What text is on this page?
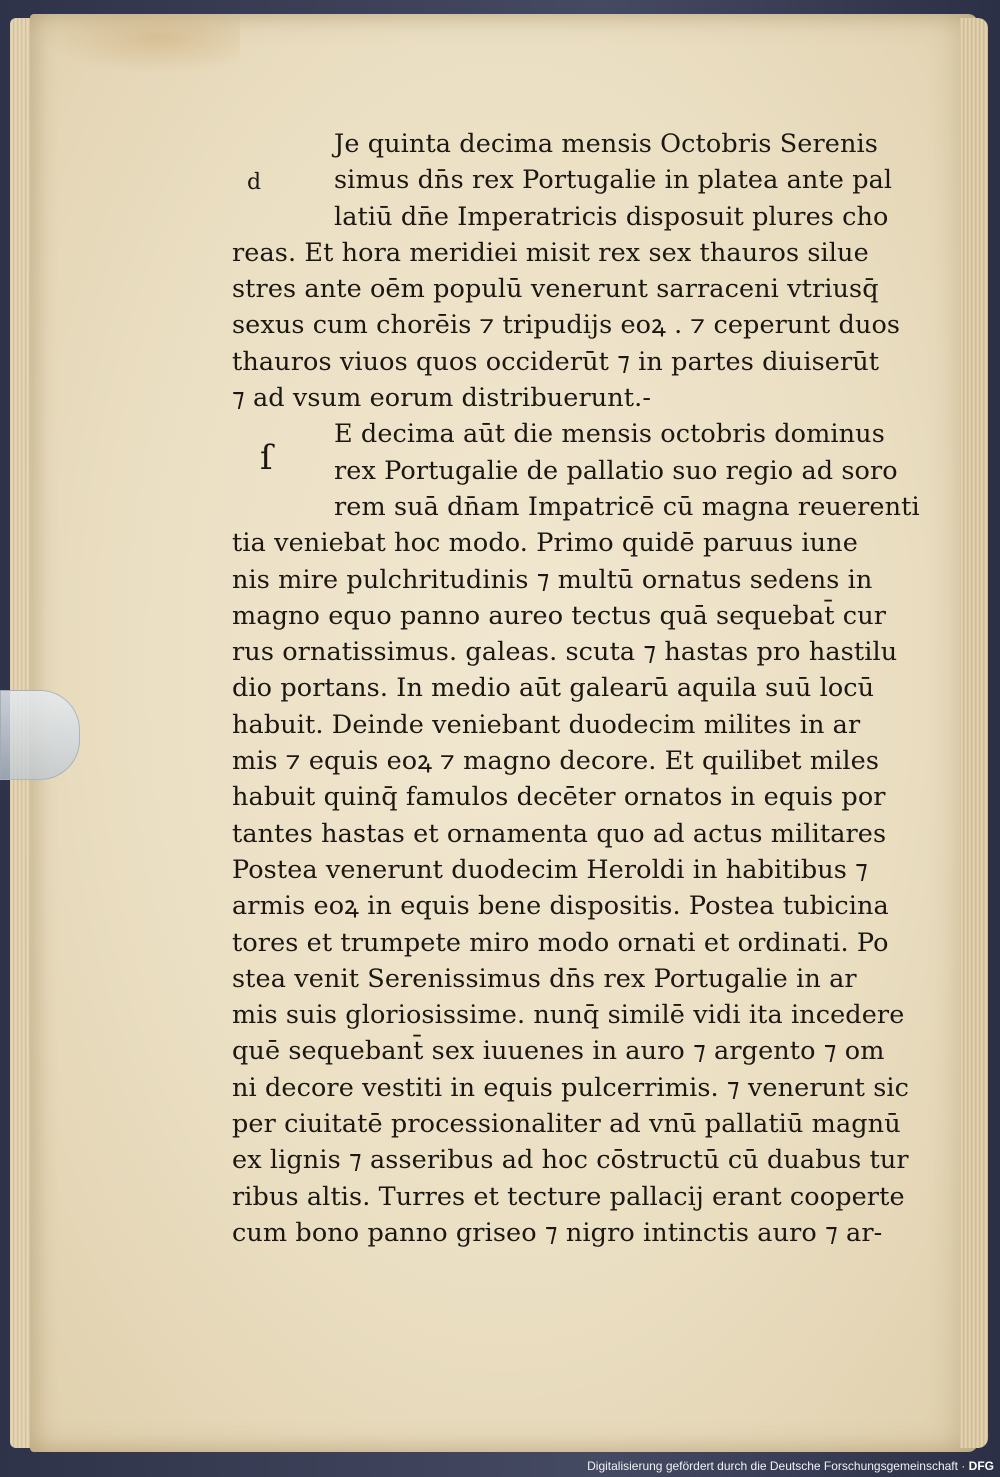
d
ſ
Je quinta decima mensis Octobris Serenis
simus dn̄s rex Portugalie in platea ante pal
latiū dn̄e Imperatricis disposuit plures cho
reas. Et hora meridiei misit rex sex thauros silue
stres ante oēm populū venerunt sarraceni vtriusq̄
sexus cum chorēis ⁊ tripudijs eoꝝ . ⁊ ceperunt duos
thauros viuos quos occiderūt ⁊ in partes diuiserūt
⁊ ad vsum eorum distribuerunt.-
E decima aūt die mensis octobris dominus
rex Portugalie de pallatio suo regio ad soro
rem suā dn̄am Impatricē cū magna reuerenti
tia veniebat hoc modo. Primo quidē paruus iune
nis mire pulchritudinis ⁊ multū ornatus sedens in
magno equo panno aureo tectus quā sequebat̄ cur
rus ornatissimus. galeas. scuta ⁊ hastas pro hastilu
dio portans. In medio aūt galearū aquila suū locū
habuit. Deinde veniebant duodecim milites in ar
mis ⁊ equis eoꝝ ⁊ magno decore. Et quilibet miles
habuit quinq̄ famulos decēter ornatos in equis por
tantes hastas et ornamenta quo ad actus militares
Postea venerunt duodecim Heroldi in habitibus ⁊
armis eoꝝ in equis bene dispositis. Postea tubicina
tores et trumpete miro modo ornati et ordinati. Po
stea venit Serenissimus dn̄s rex Portugalie in ar
mis suis gloriosissime. nunq̄ similē vidi ita incedere
quē sequebant̄ sex iuuenes in auro ⁊ argento ⁊ om
ni decore vestiti in equis pulcerrimis. ⁊ venerunt sic
per ciuitatē processionaliter ad vnū pallatiū magnū
ex lignis ⁊ asseribus ad hoc cōstructū cū duabus tur
ribus altis. Turres et tecture pallacij erant cooperte
cum bono panno griseo ⁊ nigro intinctis auro ⁊ ar-
Digitalisierung gefördert durch die Deutsche Forschungsgemeinschaft · DFG
